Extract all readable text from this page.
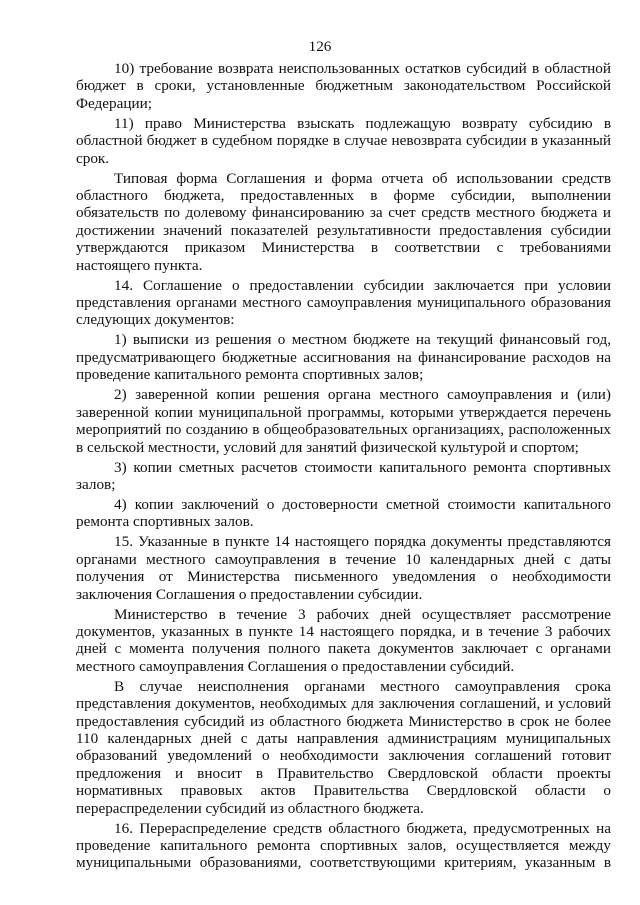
126

10) требование возврата неиспользованных остатков субсидий в областной бюджет в сроки, установленные бюджетным законодательством Российской Федерации;

11) право Министерства взыскать подлежащую возврату субсидию в областной бюджет в судебном порядке в случае невозврата субсидии в указанный срок.

Типовая форма Соглашения и форма отчета об использовании средств областного бюджета, предоставленных в форме субсидии, выполнении обязательств по долевому финансированию за счет средств местного бюджета и достижении значений показателей результативности предоставления субсидии утверждаются приказом Министерства в соответствии с требованиями настоящего пункта.

14. Соглашение о предоставлении субсидии заключается при условии представления органами местного самоуправления муниципального образования следующих документов:

1) выписки из решения о местном бюджете на текущий финансовый год, предусматривающего бюджетные ассигнования на финансирование расходов на проведение капитального ремонта спортивных залов;

2) заверенной копии решения органа местного самоуправления и (или) заверенной копии муниципальной программы, которыми утверждается перечень мероприятий по созданию в общеобразовательных организациях, расположенных в сельской местности, условий для занятий физической культурой и спортом;

3) копии сметных расчетов стоимости капитального ремонта спортивных залов;

4) копии заключений о достоверности сметной стоимости капитального ремонта спортивных залов.

15. Указанные в пункте 14 настоящего порядка документы представляются органами местного самоуправления в течение 10 календарных дней с даты получения от Министерства письменного уведомления о необходимости заключения Соглашения о предоставлении субсидии.

Министерство в течение 3 рабочих дней осуществляет рассмотрение документов, указанных в пункте 14 настоящего порядка, и в течение 3 рабочих дней с момента получения полного пакета документов заключает с органами местного самоуправления Соглашения о предоставлении субсидий.

В случае неисполнения органами местного самоуправления срока представления документов, необходимых для заключения соглашений, и условий предоставления субсидий из областного бюджета Министерство в срок не более 110 календарных дней с даты направления администрациям муниципальных образований уведомлений о необходимости заключения соглашений готовит предложения и вносит в Правительство Свердловской области проекты нормативных правовых актов Правительства Свердловской области о перераспределении субсидий из областного бюджета.

16. Перераспределение средств областного бюджета, предусмотренных на проведение капитального ремонта спортивных залов, осуществляется между муниципальными образованиями, соответствующими критериям, указанным в
